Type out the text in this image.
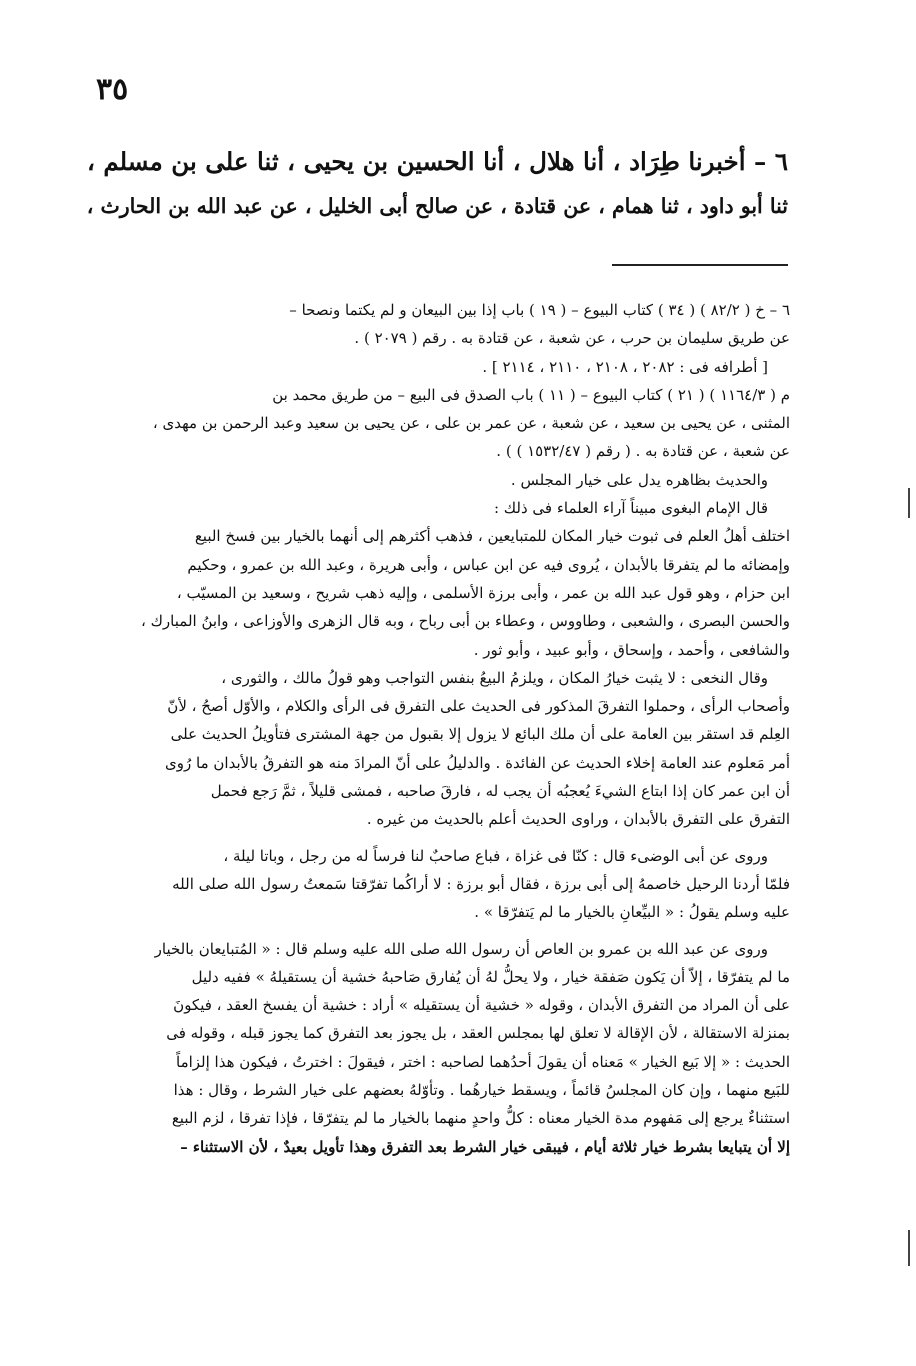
٣٥
٦ – أخبرنا طِرَاد ، أنا هلال ، أنا الحسين بن يحيى ، ثنا على بن مسلم ،
ثنا أبو داود ، ثنا همام ، عن قتادة ، عن صالح أبى الخليل ، عن عبد الله بن الحارث ،
٦ – خ ( ٨٢/٢ ) ( ٣٤ ) كتاب البيوع – ( ١٩ ) باب إذا بين البيعان و لم يكتما ونصحا –
عن طريق سليمان بن حرب ، عن شعبة ، عن قتادة به . رقم ( ٢٠٧٩ ) .
[ أطرافه فى : ٢٠٨٢ ، ٢١٠٨ ، ٢١١٠ ، ٢١١٤ ] .
م ( ١١٦٤/٣ ) ( ٢١ ) كتاب البيوع – ( ١١ ) باب الصدق فى البيع – من طريق محمد بن
المثنى ، عن يحيى بن سعيد ، عن شعبة ، عن عمر بن على ، عن يحيى بن سعيد وعبد الرحمن بن مهدى ،
عن شعبة ، عن قتادة به . ( رقم ( ١٥٣٢/٤٧ ) ) .
والحديث بظاهره يدل على خيار المجلس .
قال الإمام البغوى مبيناً آراء العلماء فى ذلك :
اختلف أهلُ العلم فى ثبوت خيار المكان للمتبايعين ، فذهب أكثرهم إلى أنهما بالخيار بين فسخ البيع
وإمضائه ما لم يتفرقا بالأبدان ، يُروى فيه عن ابن عباس ، وأبى هريرة ، وعبد الله بن عمرو ، وحكيم
ابن حزام ، وهو قول عبد الله بن عمر ، وأبى برزة الأسلمى ، وإليه ذهب شريح ، وسعيد بن المسيّب ،
والحسن البصرى ، والشعبى ، وطاووس ، وعطاء بن أبى رباح ، وبه قال الزهرى والأوزاعى ، وابنُ المبارك ،
والشافعى ، وأحمد ، وإسحاق ، وأبو عبيد ، وأبو ثور .
وقال النخعى : لا يثبت خيارُ المكان ، ويلزمُ البيعُ بنفس التواجب وهو قولُ مالك ، والثورى ،
وأصحاب الرأى ، وحملوا التفرقَ المذكور فى الحديث على التفرق فى الرأى والكلام ، والأوّل أصحُ ، لأنّ
العِلم قد استقر بين العامة على أن ملك البائع لا يزول إلا بقبول من جهة المشترى فتأويلُ الحديث على
أمر مَعلوم عند العامة إخلاء الحديث عن الفائدة . والدليلُ على أنّ المرادَ منه هو التفرقُ بالأبدان ما رُوى
أن ابن عمر كان إذا ابتاع الشيءَ يُعجبُه أن يجب له ، فارقَ صاحبه ، فمشى قليلاً ، ثمَّ رَجع فحمل
التفرق على التفرق بالأبدان ، وراوى الحديث أعلم بالحديث من غيره .
وروى عن أبى الوضىء قال : كنّا فى غزاة ، فباع صاحبٌ لنا فرساً له من رجل ، وباتا ليلة ،
فلمّا أردنا الرحيل خاصمهُ إلى أبى برزة ، فقال أبو برزة : لا أراكُما تفرّقتا سَمعتُ رسول الله صلى الله
عليه وسلم يقولُ : « البيِّعانِ بالخيار ما لم يَتفرّقا » .
وروى عن عبد الله بن عمرو بن العاص أن رسول الله صلى الله عليه وسلم قال : « المُتبايعان بالخيار
ما لم يتفرّقا ، إلاّ أن يَكون صَفقة خيار ، ولا يحلُّ لهُ أن يُفارق صَاحبهُ خشية أن يستقيلهُ » ففيه دليل
على أن المراد من التفرق الأبدان ، وقوله « خشية أن يستقيله » أراد : خشية أن يفسخ العقد ، فيكونَ
بمنزلة الاستقالة ، لأن الإقالة لا تعلق لها بمجلس العقد ، بل يجوز بعد التفرق كما يجوز قبله ، وقوله فى
الحديث : « إلا بَيع الخيار » مَعناه أن يقولَ أحدُهما لصاحبه : اختر ، فيقولَ : اخترتُ ، فيكون هذا إلزاماً
للبَيع منهما ، وإن كان المجلسُ قائماً ، ويسقط خيارهُما . وتأوّلهُ بعضهم على خيار الشرط ، وقال : هذا
استثناءٌ يرجع إلى مَفهوم مدة الخيار معناه : كلُّ واحدٍ منهما بالخيار ما لم يتفرّقا ، فإذا تفرقا ، لزم البيع
إلا أن يتبايعا بشرط خيار ثلاثة أيام ، فيبقى خيار الشرط بعد التفرق وهذا تأويل بعيدٌ ، لأن الاستثناء –
